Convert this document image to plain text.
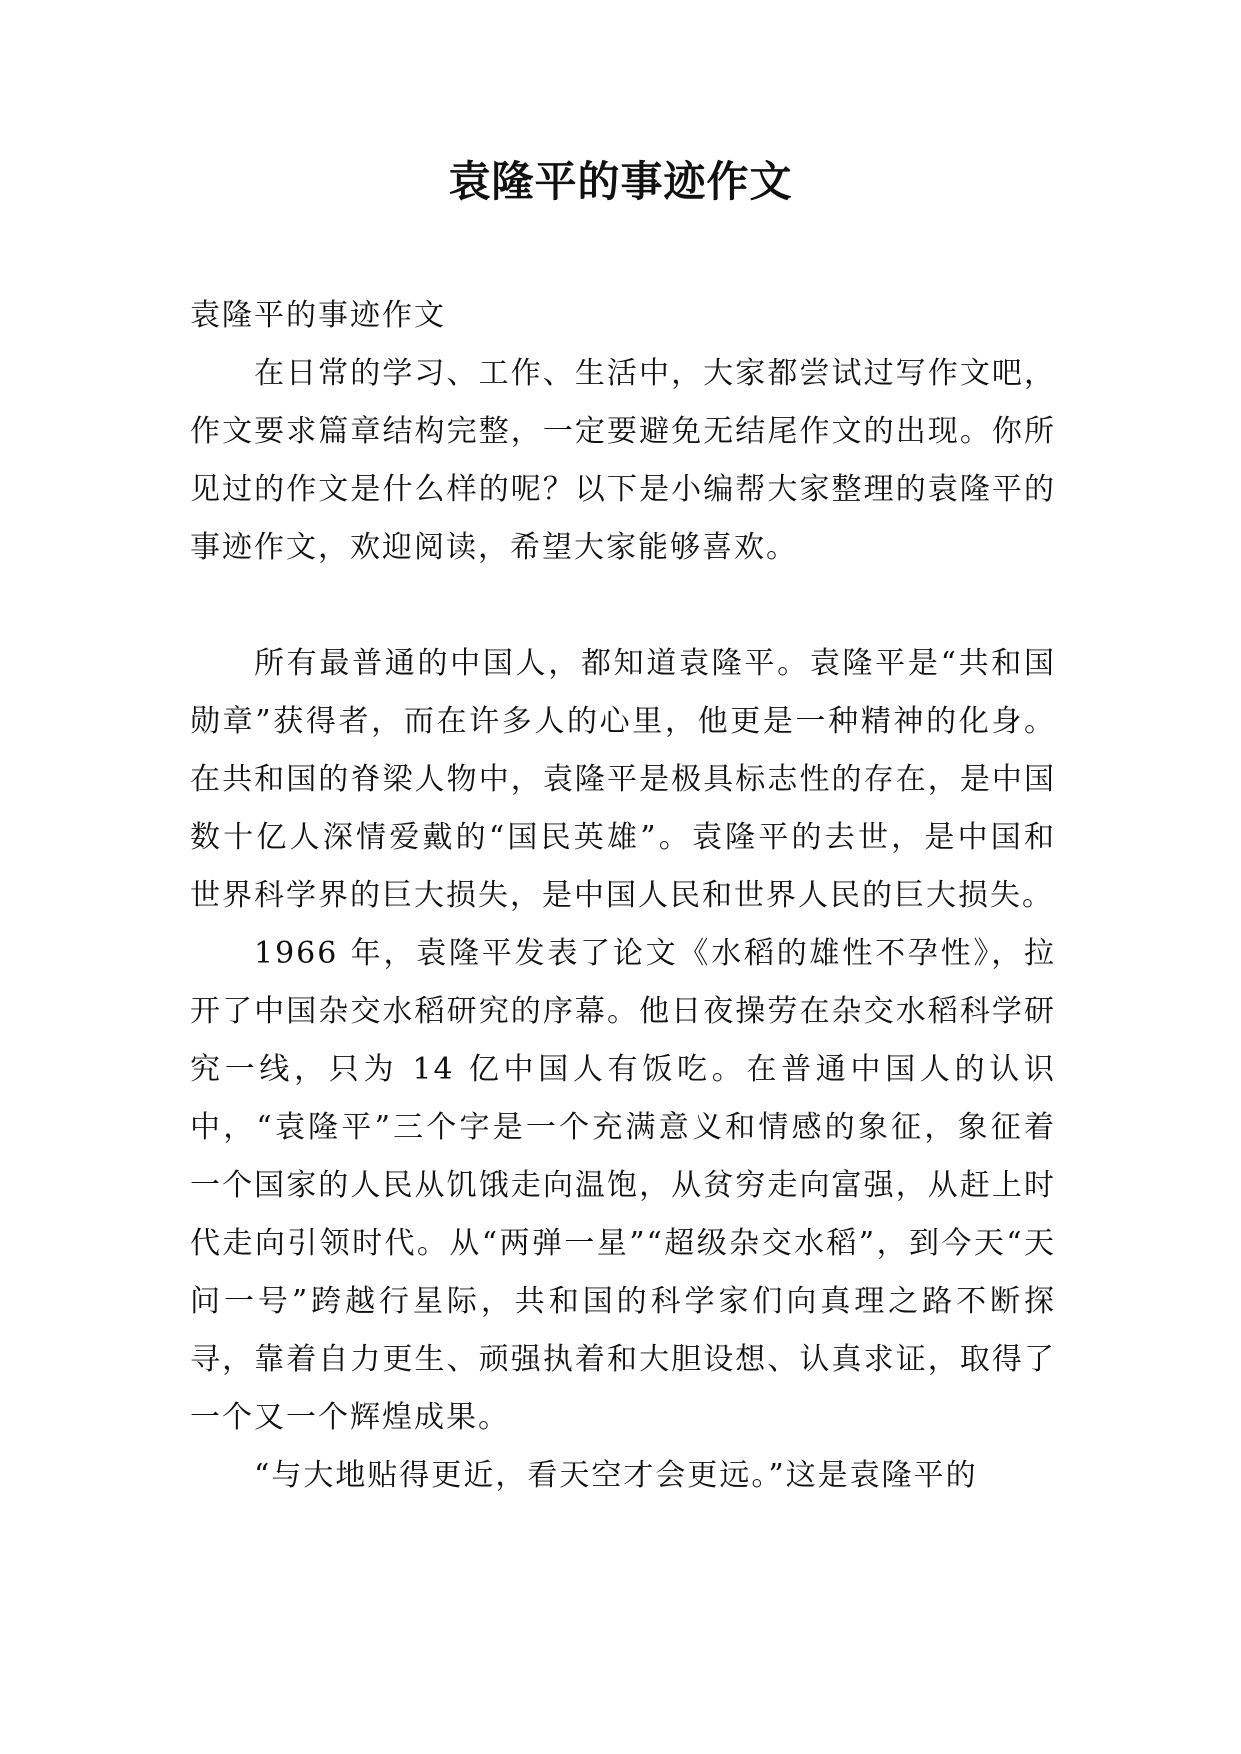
袁隆平的事迹作文

袁隆平的事迹作文

在日常的学习、工作、生活中，大家都尝试过写作文吧，作文要求篇章结构完整，一定要避免无结尾作文的出现。你所见过的作文是什么样的呢？以下是小编帮大家整理的袁隆平的事迹作文，欢迎阅读，希望大家能够喜欢。

所有最普通的中国人，都知道袁隆平。袁隆平是“共和国勋章”获得者，而在许多人的心里，他更是一种精神的化身。在共和国的脊梁人物中，袁隆平是极具标志性的存在，是中国数十亿人深情爱戴的“国民英雄”。袁隆平的去世，是中国和世界科学界的巨大损失，是中国人民和世界人民的巨大损失。

1966 年，袁隆平发表了论文《水稻的雄性不孕性》，拉开了中国杂交水稻研究的序幕。他日夜操劳在杂交水稻科学研究一线，只为 14 亿中国人有饭吃。在普通中国人的认识中，“袁隆平”三个字是一个充满意义和情感的象征，象征着一个国家的人民从饥饿走向温饱，从贫穷走向富强，从赶上时代走向引领时代。从“两弹一星”“超级杂交水稻”，到今天“天问一号”跨越行星际，共和国的科学家们向真理之路不断探寻，靠着自力更生、顽强执着和大胆设想、认真求证，取得了一个又一个辉煌成果。

“与大地贴得更近，看天空才会更远。”这是袁隆平的
